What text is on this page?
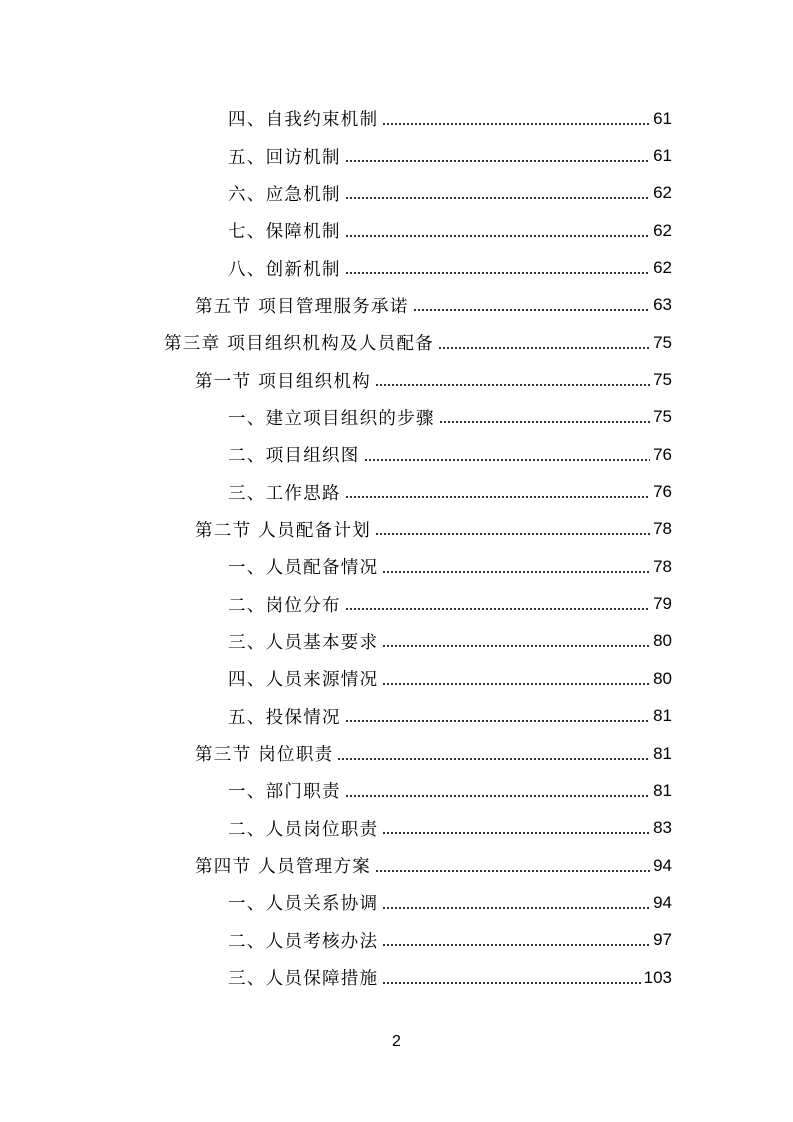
四、自我约束机制	61
五、回访机制	61
六、应急机制	62
七、保障机制	62
八、创新机制	62
第五节 项目管理服务承诺	63
第三章 项目组织机构及人员配备	75
第一节 项目组织机构	75
一、建立项目组织的步骤	75
二、项目组织图	76
三、工作思路	76
第二节 人员配备计划	78
一、人员配备情况	78
二、岗位分布	79
三、人员基本要求	80
四、人员来源情况	80
五、投保情况	81
第三节 岗位职责	81
一、部门职责	81
二、人员岗位职责	83
第四节 人员管理方案	94
一、人员关系协调	94
二、人员考核办法	97
三、人员保障措施	103
2
